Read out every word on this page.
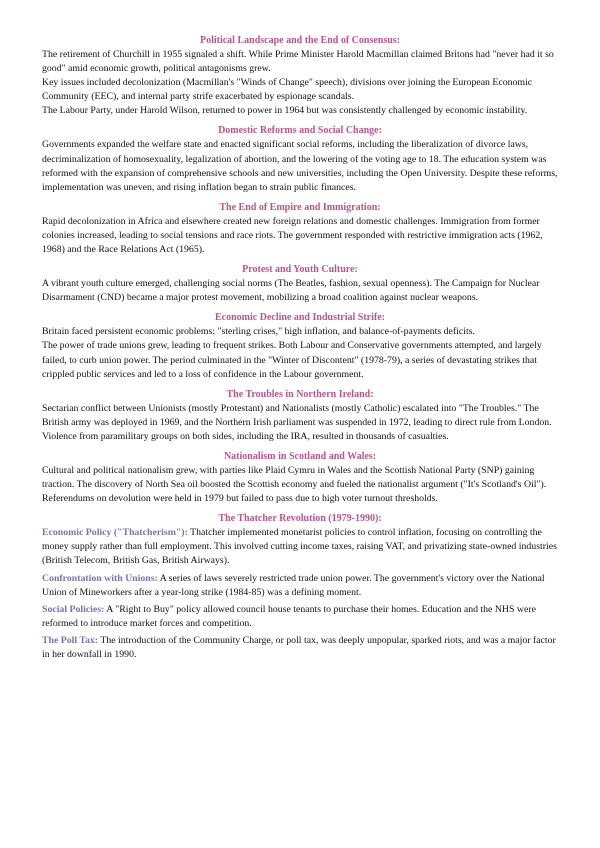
Political Landscape and the End of Consensus:

The retirement of Churchill in 1955 signaled a shift. While Prime Minister Harold Macmillan claimed Britons had "never had it so good" amid economic growth, political antagonisms grew.

Key issues included decolonization (Macmillan's "Winds of Change" speech), divisions over joining the European Economic Community (EEC), and internal party strife exacerbated by espionage scandals.

The Labour Party, under Harold Wilson, returned to power in 1964 but was consistently challenged by economic instability.

Domestic Reforms and Social Change:

Governments expanded the welfare state and enacted significant social reforms, including the liberalization of divorce laws, decriminalization of homosexuality, legalization of abortion, and the lowering of the voting age to 18. The education system was reformed with the expansion of comprehensive schools and new universities, including the Open University. Despite these reforms, implementation was uneven, and rising inflation began to strain public finances.

The End of Empire and Immigration:

Rapid decolonization in Africa and elsewhere created new foreign relations and domestic challenges. Immigration from former colonies increased, leading to social tensions and race riots. The government responded with restrictive immigration acts (1962, 1968) and the Race Relations Act (1965).

Protest and Youth Culture:

A vibrant youth culture emerged, challenging social norms (The Beatles, fashion, sexual openness). The Campaign for Nuclear Disarmament (CND) became a major protest movement, mobilizing a broad coalition against nuclear weapons.

Economic Decline and Industrial Strife:

Britain faced persistent economic problems: "sterling crises," high inflation, and balance-of-payments deficits.

The power of trade unions grew, leading to frequent strikes. Both Labour and Conservative governments attempted, and largely failed, to curb union power. The period culminated in the "Winter of Discontent" (1978-79), a series of devastating strikes that crippled public services and led to a loss of confidence in the Labour government.

The Troubles in Northern Ireland:

Sectarian conflict between Unionists (mostly Protestant) and Nationalists (mostly Catholic) escalated into "The Troubles." The British army was deployed in 1969, and the Northern Irish parliament was suspended in 1972, leading to direct rule from London. Violence from paramilitary groups on both sides, including the IRA, resulted in thousands of casualties.

Nationalism in Scotland and Wales:

Cultural and political nationalism grew, with parties like Plaid Cymru in Wales and the Scottish National Party (SNP) gaining traction. The discovery of North Sea oil boosted the Scottish economy and fueled the nationalist argument ("It's Scotland's Oil"). Referendums on devolution were held in 1979 but failed to pass due to high voter turnout thresholds.

The Thatcher Revolution (1979-1990):

Economic Policy ("Thatcherism"): Thatcher implemented monetarist policies to control inflation, focusing on controlling the money supply rather than full employment. This involved cutting income taxes, raising VAT, and privatizing state-owned industries (British Telecom, British Gas, British Airways).

Confrontation with Unions: A series of laws severely restricted trade union power. The government's victory over the National Union of Mineworkers after a year-long strike (1984-85) was a defining moment.

Social Policies: A "Right to Buy" policy allowed council house tenants to purchase their homes. Education and the NHS were reformed to introduce market forces and competition.

The Poll Tax: The introduction of the Community Charge, or poll tax, was deeply unpopular, sparked riots, and was a major factor in her downfall in 1990.
